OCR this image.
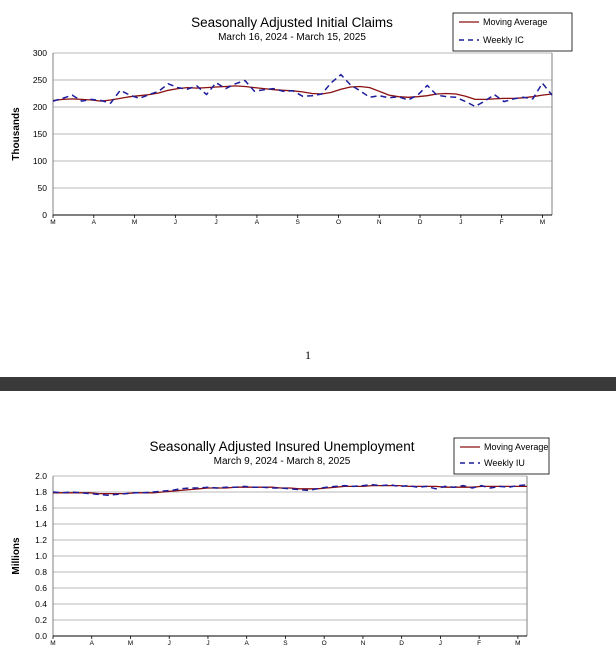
Seasonally Adjusted Initial Claims
March 16, 2024 - March 15, 2025
0
50
100
150
200
250
300
M	A	M	J	J	A	S	O	N	D	J	F	M
Thousands
Moving Average
Weekly IC
1
Seasonally Adjusted Insured Unemployment
March 9, 2024 - March 8, 2025
0.0
0.2
0.4
0.6
0.8
1.0
1.2
1.4
1.6
1.8
2.0
M	A	M	J	J	A	S	O	N	D	J	F	M
Millions
Moving Average
Weekly IU
